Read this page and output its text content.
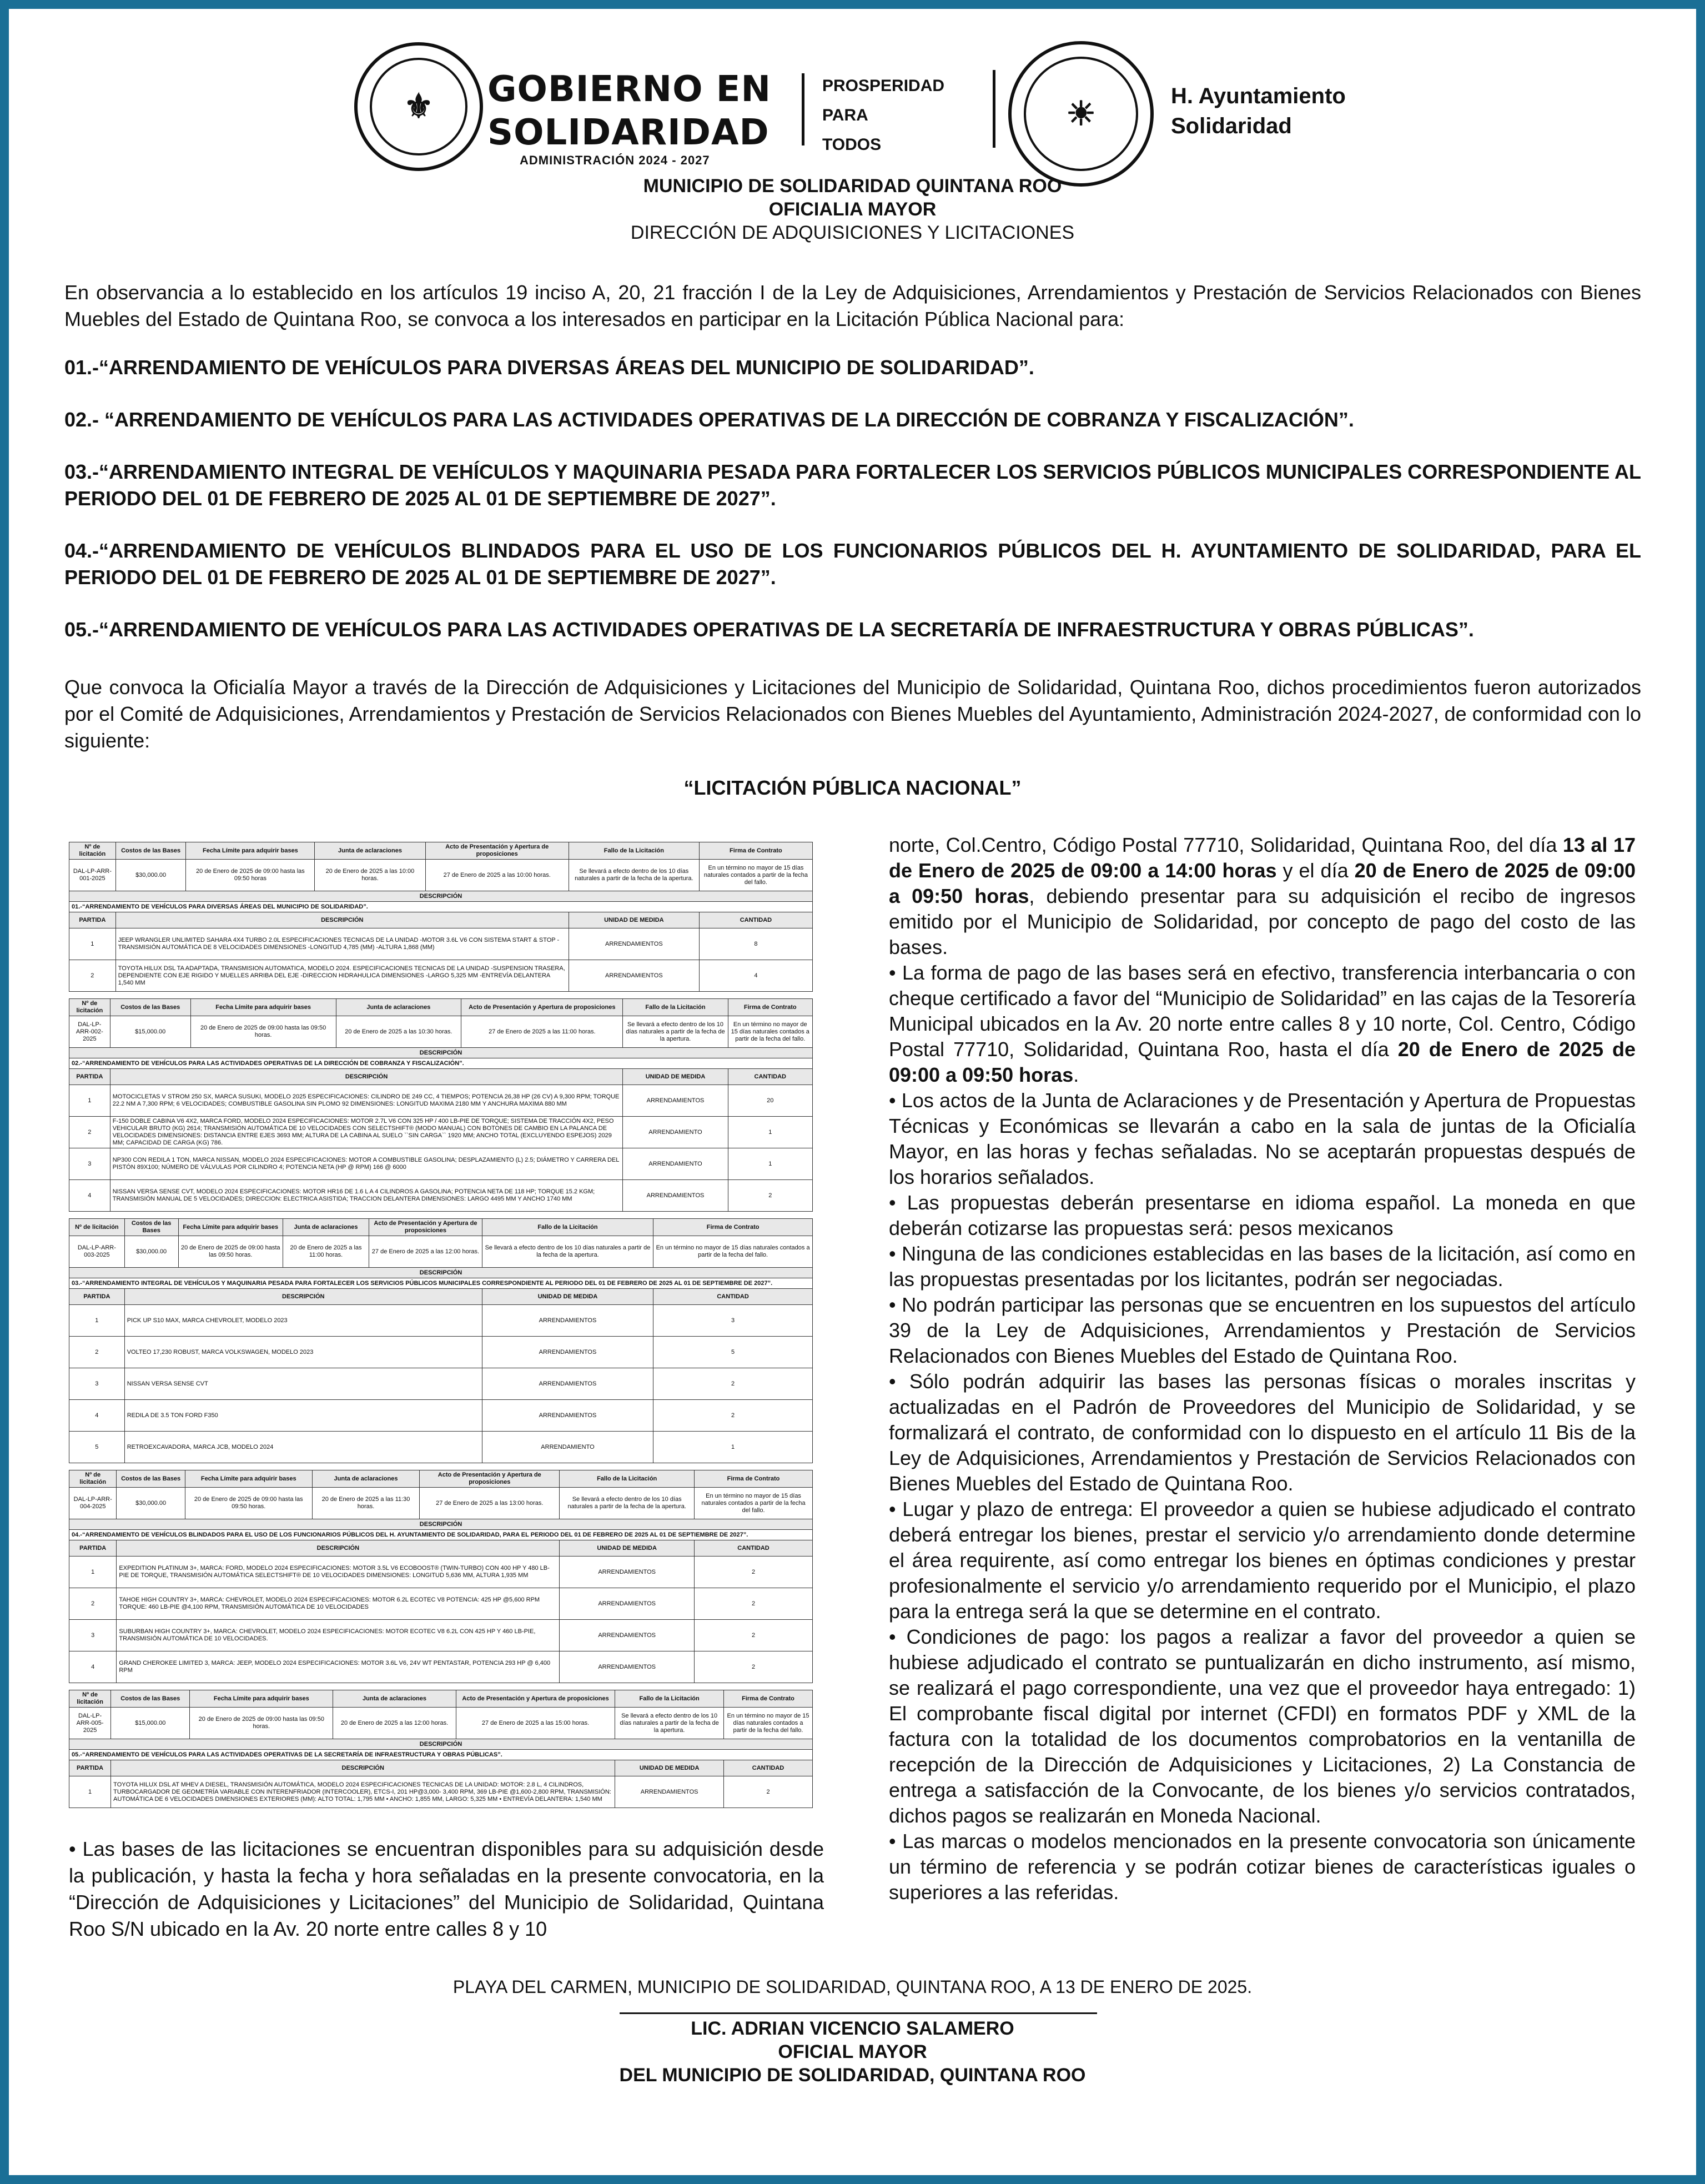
⚜ GOBIERNO EN
SOLIDARIDAD
ADMINISTRACIÓN 2024 - 2027
PROSPERIDAD
PARA
TODOS
☀	H. Ayuntamiento
Solidaridad
MUNICIPIO DE SOLIDARIDAD QUINTANA ROO
OFICIALIA MAYOR
DIRECCIÓN DE ADQUISICIONES Y LICITACIONES
En observancia a lo establecido en los artículos 19 inciso A, 20, 21 fracción I de la Ley de Adquisiciones, Arrendamientos y Prestación de Servicios Relacionados con Bienes Muebles del Estado de Quintana Roo, se convoca a los interesados en participar en la Licitación Pública Nacional para:
01.-“ARRENDAMIENTO DE VEHÍCULOS PARA DIVERSAS ÁREAS DEL MUNICIPIO DE SOLIDARIDAD”.
02.- “ARRENDAMIENTO DE VEHÍCULOS PARA LAS ACTIVIDADES OPERATIVAS DE LA DIRECCIÓN DE COBRANZA Y FISCALIZACIÓN”.
03.-“ARRENDAMIENTO INTEGRAL DE VEHÍCULOS Y MAQUINARIA PESADA PARA FORTALECER LOS SERVICIOS PÚBLICOS MUNICIPALES CORRESPONDIENTE AL PERIODO DEL 01 DE FEBRERO DE 2025 AL 01 DE SEPTIEMBRE DE 2027”.
04.-“ARRENDAMIENTO DE VEHÍCULOS BLINDADOS PARA EL USO DE LOS FUNCIONARIOS PÚBLICOS DEL H. AYUNTAMIENTO DE SOLIDARIDAD, PARA EL PERIODO DEL 01 DE FEBRERO DE 2025 AL 01 DE SEPTIEMBRE DE 2027”.
05.-“ARRENDAMIENTO DE VEHÍCULOS PARA LAS ACTIVIDADES OPERATIVAS DE LA SECRETARÍA DE INFRAESTRUCTURA Y OBRAS PÚBLICAS”.
Que convoca la Oficialía Mayor a través de la Dirección de Adquisiciones y Licitaciones del Municipio de Solidaridad, Quintana Roo, dichos procedimientos fueron autorizados por el Comité de Adquisiciones, Arrendamientos y Prestación de Servicios Relacionados con Bienes Muebles del Ayuntamiento, Administración 2024-2027, de conformidad con lo siguiente:
“LICITACIÓN PÚBLICA NACIONAL”
Nº de licitación	Costos de las Bases	Fecha Límite para adquirir bases	Junta de aclaraciones	Acto de Presentación y Apertura de proposiciones	Fallo de la Licitación	Firma de Contrato
DAL-LP-ARR-001-2025	$30,000.00	20 de Enero de 2025 de 09:00 hasta las 09:50 horas	20 de Enero de 2025 a las 10:00 horas.	27 de Enero de 2025 a las 10:00 horas.	Se llevará a efecto dentro de los 10 días naturales a partir de la fecha de la apertura.	En un término no mayor de 15 días naturales contados a partir de la fecha del fallo.
DESCRIPCIÓN						
01.-“ARRENDAMIENTO DE VEHÍCULOS PARA DIVERSAS ÁREAS DEL MUNICIPIO DE SOLIDARIDAD”.						
PARTIDA	DESCRIPCIÓN				UNIDAD DE MEDIDA	CANTIDAD
1	JEEP WRANGLER UNLIMITED SAHARA 4X4 TURBO 2.0L ESPECIFICACIONES TECNICAS DE LA UNIDAD -MOTOR 3.6L V6 CON SISTEMA START & STOP -TRANSMISIÓN AUTOMÁTICA DE 8 VELOCIDADES DIMENSIONES -LONGITUD 4,785 (MM) -ALTURA 1,868 (MM)				ARRENDAMIENTOS	8
2	TOYOTA HILUX DSL TA ADAPTADA, TRANSMISION AUTOMATICA, MODELO 2024. ESPECIFICACIONES TECNICAS DE LA UNIDAD -SUSPENSION TRASERA, DEPENDIENTE CON EJE RIGIDO Y MUELLES ARRIBA DEL EJE -DIRECCION HIDRAHULICA DIMENSIONES -LARGO 5,325 MM -ENTREVÍA DELANTERA 1,540 MM				ARRENDAMIENTOS	4
Nº de licitación	Costos de las Bases	Fecha Límite para adquirir bases	Junta de aclaraciones	Acto de Presentación y Apertura de proposiciones	Fallo de la Licitación	Firma de Contrato
DAL-LP-ARR-002-2025	$15,000.00	20 de Enero de 2025 de 09:00 hasta las 09:50 horas.	20 de Enero de 2025 a las 10:30 horas.	27 de Enero de 2025 a las 11:00 horas.	Se llevará a efecto dentro de los 10 días naturales a partir de la fecha de la apertura.	En un término no mayor de 15 días naturales contados a partir de la fecha del fallo.
DESCRIPCIÓN						
02.-“ARRENDAMIENTO DE VEHÍCULOS PARA LAS ACTIVIDADES OPERATIVAS DE LA DIRECCIÓN DE COBRANZA Y FISCALIZACIÓN”.						
PARTIDA	DESCRIPCIÓN				UNIDAD DE MEDIDA	CANTIDAD
1	MOTOCICLETAS V STROM 250 SX, MARCA SUSUKI, MODELO 2025 ESPECIFICACIONES: CILINDRO DE 249 CC, 4 TIEMPOS; POTENCIA 26,38 HP (26 CV) A 9,300 RPM; TORQUE 22.2 NM A 7,300 RPM; 6 VELOCIDADES; COMBUSTIBLE GASOLINA SIN PLOMO 92 DIMENSIONES: LONGITUD MAXIMA 2180 MM Y ANCHURA MAXIMA 880 MM				ARRENDAMIENTOS	20
2	F-150 DOBLE CABINA V6 4X2, MARCA FORD, MODELO 2024 ESPECIFICACIONES: MOTOR 2.7L V6 CON 325 HP / 400 LB-PIE DE TORQUE; SISTEMA DE TRACCIÓN 4X2, PESO VEHICULAR BRUTO (KG) 2614; TRANSMISIÓN AUTOMÁTICA DE 10 VELOCIDADES CON SELECTSHIFT® (MODO MANUAL) CON BOTONES DE CAMBIO EN LA PALANCA DE VELOCIDADES DIMENSIONES: DISTANCIA ENTRE EJES 3693 MM; ALTURA DE LA CABINA AL SUELO ``SIN CARGA`` 1920 MM; ANCHO TOTAL (EXCLUYENDO ESPEJOS) 2029 MM; CAPACIDAD DE CARGA (KG) 786.				ARRENDAMIENTO	1
3	NP300 CON REDILA 1 TON, MARCA NISSAN, MODELO 2024 ESPECIFICACIONES: MOTOR A COMBUSTIBLE GASOLINA; DESPLAZAMIENTO (L) 2.5; DIÁMETRO Y CARRERA DEL PISTÓN 89X100; NÚMERO DE VÁLVULAS POR CILINDRO 4; POTENCIA NETA (HP @ RPM) 166 @ 6000				ARRENDAMIENTO	1
4	NISSAN VERSA SENSE CVT, MODELO 2024 ESPECIFICACIONES: MOTOR HR16 DE 1.6 L A 4 CILINDROS A GASOLINA; POTENCIA NETA DE 118 HP; TORQUE 15.2 KGM; TRANSMISIÓN MANUAL DE 5 VELOCIDADES; DIRECCION: ELECTRICA ASISTIDA; TRACCION DELANTERA DIMENSIONES: LARGO 4495 MM Y ANCHO 1740 MM				ARRENDAMIENTOS	2
Nº de licitación	Costos de las Bases	Fecha Límite para adquirir bases	Junta de aclaraciones	Acto de Presentación y Apertura de proposiciones	Fallo de la Licitación	Firma de Contrato
DAL-LP-ARR-003-2025	$30,000.00	20 de Enero de 2025 de 09:00 hasta las 09:50 horas.	20 de Enero de 2025 a las 11:00 horas.	27 de Enero de 2025 a las 12:00 horas.	Se llevará a efecto dentro de los 10 días naturales a partir de la fecha de la apertura.	En un término no mayor de 15 días naturales contados a partir de la fecha del fallo.
DESCRIPCIÓN						
03.-“ARRENDAMIENTO INTEGRAL DE VEHÍCULOS Y MAQUINARIA PESADA PARA FORTALECER LOS SERVICIOS PÚBLICOS MUNICIPALES CORRESPONDIENTE AL PERIODO DEL 01 DE FEBRERO DE 2025 AL 01 DE SEPTIEMBRE DE 2027”.						
PARTIDA	DESCRIPCIÓN				UNIDAD DE MEDIDA	CANTIDAD
1	PICK UP S10 MAX, MARCA CHEVROLET, MODELO 2023				ARRENDAMIENTOS	3
2	VOLTEO 17,230 ROBUST, MARCA VOLKSWAGEN, MODELO 2023				ARRENDAMIENTOS	5
3	NISSAN VERSA SENSE CVT				ARRENDAMIENTOS	2
4	REDILA DE 3.5 TON FORD F350				ARRENDAMIENTOS	2
5	RETROEXCAVADORA, MARCA JCB, MODELO 2024				ARRENDAMIENTO	1
Nº de licitación	Costos de las Bases	Fecha Límite para adquirir bases	Junta de aclaraciones	Acto de Presentación y Apertura de proposiciones	Fallo de la Licitación	Firma de Contrato
DAL-LP-ARR-004-2025	$30,000.00	20 de Enero de 2025 de 09:00 hasta las 09:50 horas.	20 de Enero de 2025 a las 11:30 horas.	27 de Enero de 2025 a las 13:00 horas.	Se llevará a efecto dentro de los 10 días naturales a partir de la fecha de la apertura.	En un término no mayor de 15 días naturales contados a partir de la fecha del fallo.
DESCRIPCIÓN						
04.-“ARRENDAMIENTO DE VEHÍCULOS BLINDADOS PARA EL USO DE LOS FUNCIONARIOS PÚBLICOS DEL H. AYUNTAMIENTO DE SOLIDARIDAD, PARA EL PERIODO DEL 01 DE FEBRERO DE 2025 AL 01 DE SEPTIEMBRE DE 2027”.						
PARTIDA	DESCRIPCIÓN				UNIDAD DE MEDIDA	CANTIDAD
1	EXPEDITION PLATINUM 3+, MARCA: FORD, MODELO 2024 ESPECIFICACIONES: MOTOR 3.5L V6 ECOBOOST® (TWIN-TURBO) CON 400 HP Y 480 LB-PIE DE TORQUE, TRANSMISIÓN AUTOMÁTICA SELECTSHIFT® DE 10 VELOCIDADES DIMENSIONES: LONGITUD 5,636 MM, ALTURA 1,935 MM				ARRENDAMIENTOS	2
2	TAHOE HIGH COUNTRY 3+, MARCA: CHEVROLET, MODELO 2024 ESPECIFICACIONES: MOTOR 6.2L ECOTEC V8 POTENCIA: 425 HP @5,600 RPM TORQUE: 460 LB-PIE @4,100 RPM, TRANSMISIÓN AUTOMÁTICA DE 10 VELOCIDADES				ARRENDAMIENTOS	2
3	SUBURBAN HIGH COUNTRY 3+, MARCA: CHEVROLET, MODELO 2024 ESPECIFICACIONES: MOTOR ECOTEC V8 6.2L CON 425 HP Y 460 LB-PIE, TRANSMISIÓN AUTOMÁTICA DE 10 VELOCIDADES.				ARRENDAMIENTOS	2
4	GRAND CHEROKEE LIMITED 3, MARCA: JEEP, MODELO 2024 ESPECIFICACIONES: MOTOR 3.6L V6, 24V WT PENTASTAR, POTENCIA 293 HP @ 6,400 RPM				ARRENDAMIENTOS	2
Nº de licitación	Costos de las Bases	Fecha Límite para adquirir bases	Junta de aclaraciones	Acto de Presentación y Apertura de proposiciones	Fallo de la Licitación	Firma de Contrato
DAL-LP-ARR-005-2025	$15,000.00	20 de Enero de 2025 de 09:00 hasta las 09:50 horas.	20 de Enero de 2025 a las 12:00 horas.	27 de Enero de 2025 a las 15:00 horas.	Se llevará a efecto dentro de los 10 días naturales a partir de la fecha de la apertura.	En un término no mayor de 15 días naturales contados a partir de la fecha del fallo.
DESCRIPCIÓN						
05.-“ARRENDAMIENTO DE VEHÍCULOS PARA LAS ACTIVIDADES OPERATIVAS DE LA SECRETARÍA DE INFRAESTRUCTURA Y OBRAS PÚBLICAS”.						
PARTIDA	DESCRIPCIÓN				UNIDAD DE MEDIDA	CANTIDAD
1	TOYOTA HILUX DSL AT MHEV A DIESEL, TRANSMISIÓN AUTOMÁTICA, MODELO 2024 ESPECIFICACIONES TECNICAS DE LA UNIDAD: MOTOR: 2.8 L, 4 CILINDROS, TURBOCARGADOR DE GEOMETRÍA VARIABLE CON INTERENFRIADOR (INTERCOOLER), ETCS-I, 201 HP@3,000- 3,400 RPM, 369 LB-PIE @1,600-2,800 RPM, TRANSMISIÓN: AUTOMÁTICA DE 6 VELOCIDADES DIMENSIONES EXTERIORES (MM): ALTO TOTAL: 1,795 MM • ANCHO: 1,855 MM, LARGO: 5,325 MM • ENTREVÍA DELANTERA: 1,540 MM				ARRENDAMIENTOS	2
• Las bases de las licitaciones se encuentran disponibles para su adquisición desde la publicación, y hasta la fecha y hora señaladas en la presente convocatoria, en la “Dirección de Adquisiciones y Licitaciones” del Municipio de Solidaridad, Quintana Roo S/N ubicado en la Av. 20 norte entre calles 8 y 10
norte, Col.Centro, Código Postal 77710, Solidaridad, Quintana Roo, del día 13 al 17 de Enero de 2025 de 09:00 a 14:00 horas y el día 20 de Enero de 2025 de 09:00 a 09:50 horas, debiendo presentar para su adquisición el recibo de ingresos emitido por el Municipio de Solidaridad, por concepto de pago del costo de las bases.
• La forma de pago de las bases será en efectivo, transferencia interbancaria o con cheque certificado a favor del “Municipio de Solidaridad” en las cajas de la Tesorería Municipal ubicados en la Av. 20 norte entre calles 8 y 10 norte, Col. Centro, Código Postal 77710, Solidaridad, Quintana Roo, hasta el día 20 de Enero de 2025 de 09:00 a 09:50 horas.
• Los actos de la Junta de Aclaraciones y de Presentación y Apertura de Propuestas Técnicas y Económicas se llevarán a cabo en la sala de juntas de la Oficialía Mayor, en las horas y fechas señaladas. No se aceptarán propuestas después de los horarios señalados.
• Las propuestas deberán presentarse en idioma español. La moneda en que deberán cotizarse las propuestas será: pesos mexicanos
• Ninguna de las condiciones establecidas en las bases de la licitación, así como en las propuestas presentadas por los licitantes, podrán ser negociadas.
• No podrán participar las personas que se encuentren en los supuestos del artículo 39 de la Ley de Adquisiciones, Arrendamientos y Prestación de Servicios Relacionados con Bienes Muebles del Estado de Quintana Roo.
• Sólo podrán adquirir las bases las personas físicas o morales inscritas y actualizadas en el Padrón de Proveedores del Municipio de Solidaridad, y se formalizará el contrato, de conformidad con lo dispuesto en el artículo 11 Bis de la Ley de Adquisiciones, Arrendamientos y Prestación de Servicios Relacionados con Bienes Muebles del Estado de Quintana Roo.
• Lugar y plazo de entrega: El proveedor a quien se hubiese adjudicado el contrato deberá entregar los bienes, prestar el servicio y/o arrendamiento donde determine el área requirente, así como entregar los bienes en óptimas condiciones y prestar profesionalmente el servicio y/o arrendamiento requerido por el Municipio, el plazo para la entrega será la que se determine en el contrato.
• Condiciones de pago: los pagos a realizar a favor del proveedor a quien se hubiese adjudicado el contrato se puntualizarán en dicho instrumento, así mismo, se realizará el pago correspondiente, una vez que el proveedor haya entregado: 1) El comprobante fiscal digital por internet (CFDI) en formatos PDF y XML de la factura con la totalidad de los documentos comprobatorios en la ventanilla de recepción de la Dirección de Adquisiciones y Licitaciones, 2) La Constancia de entrega a satisfacción de la Convocante, de los bienes y/o servicios contratados, dichos pagos se realizarán en Moneda Nacional.
• Las marcas o modelos mencionados en la presente convocatoria son únicamente un término de referencia y se podrán cotizar bienes de características iguales o superiores a las referidas.
PLAYA DEL CARMEN, MUNICIPIO DE SOLIDARIDAD, QUINTANA ROO, A 13 DE ENERO DE 2025.
LIC. ADRIAN VICENCIO SALAMERO
OFICIAL MAYOR
DEL MUNICIPIO DE SOLIDARIDAD, QUINTANA ROO
